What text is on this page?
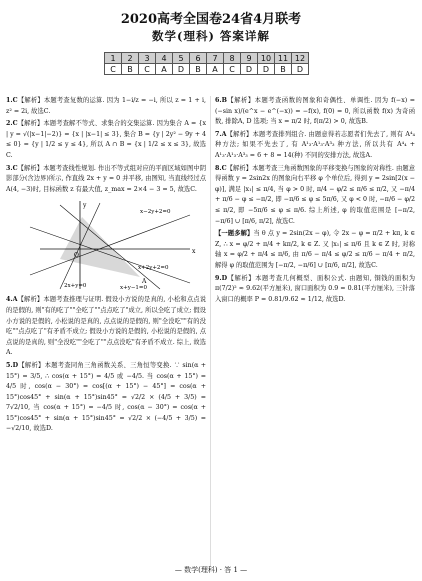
2020高考全国卷24省4月联考
数学(理科) 答案详解
1	2	3	4	5	6	7	8	9	10	11	12
C	B	C	A	D	B	A	C	D	D	B	D

1.C【解析】本题考查复数的运算. 因为 1−i/z = −i, 所以 z = 1 + i, z² = 2i, 故选C.

2.C【解析】本题考查解不等式、求集合的交集运算. 因为集合 A = {x | y = √(|x−1|−2)} = {x | |x−1| ≤ 3}, 集合 B = {y | 2y² − 9y + 4 ≤ 0} = {y | 1/2 ≤ y ≤ 4}, 所以 A ∩ B = {x | 1/2 ≤ x ≤ 3}, 故选C.

3.C【解析】本题考查线性规划. 作出不等式组对应的平面区域如图中阴影部分(含边界)所示, 作直线 2x + y = 0 并平移, 由图知, 当直线经过点 A(4, −3)时, 目标函数 z 有最大值, z_max = 2×4 − 3 = 5, 故选C.

y
x
O
A
x−2y+2=0
x+2y+2=0
2x+y=0	x+y−1=0

4.A【解析】本题考查推理与证明. 假设小方说的是真的, 小松和点点说的是假的, 则"有的吃了""全吃了""点点吃了"成立, 所以全吃了成立; 假设小方说的是假的, 小松说的是真的, 点点说的是假的, 则"全没吃""有的没吃""点点吃了"有矛盾不成立; 假设小方说的是假的, 小松说的是假的, 点点说的是真的, 则"全没吃""全吃了""点点没吃"有矛盾不成立. 综上, 故选A.

5.D【解析】本题考查同角三角函数关系、三角恒等变换. ∵ sin(α + 15°) = 3/5, ∴ cos(α + 15°) = 4/5 或 −4/5. 当 cos(α + 15°) = 4/5 时, cos(α − 30°) = cos[(α + 15°) − 45°] = cos(α + 15°)cos45° + sin(α + 15°)sin45° = √2/2 × (4/5 + 3/5) = 7√2/10, 当 cos(α + 15°) = −4/5 时, cos(α − 30°) = cos(α + 15°)cos45° + sin(α + 15°)sin45° = √2/2 × (−4/5 + 3/5) = −√2/10, 故选D.

6.B【解析】本题考查函数的图象和奇偶性、单调性. 因为 f(−x) = (−sin x)/(e^x − e^(−x)) = −f(x), f(0) = 0, 所以函数 f(x) 为奇函数, 排除A, D 选项; 当 x = π/2 时, f(π/2) > 0, 故选B.

7.A【解析】本题考查排列组合. 由题意得若志愿者们先去了, 则有 A⁴₄ 种方法; 如果不先去了, 有 A¹₃·A¹₃·A³₃ 种方法, 所以共有 A⁴₄ + A¹₃·A¹₃·A³₃ = 6 + 8 = 14(种) 不同的安排方法, 故选A.

8.C【解析】本题考查三角函数图象的平移变换与图象的对称性. 由题意得函数 y = 2sin2x 的图象向右平移 φ 个单位后, 得到 y = 2sin[2(x − φ)], 满足 |x₁| ≤ π/4, 当 φ > 0 时, π/4 − φ/2 ≤ π/6 ≤ π/2, 又 −π/4 + π/6 − φ ≤ −π/2, 即 −π/6 ≤ φ ≤ 5π/6, 又 φ < 0 时, −π/6 − φ/2 ≤ π/2, 即 −5π/6 ≤ φ ≤ π/6. 综上所述, φ 的取值范围是 [−π/2, −π/6] ∪ [π/6, π/2], 故选C.

【一题多解】当 θ 点 y = 2sin(2x − φ), 令 2x − φ = π/2 + kπ, k ∈ Z, ∴ x = φ/2 + π/4 + kπ/2, k ∈ Z. 又 |x₁| ≤ π/6 且 k ∈ Z 时, 对称轴 x = φ/2 + π/4 ≤ π/6, 由 π/6 − π/4 ≤ φ/2 ≤ π/6 − π/4 + π/2, 解得 φ 的取值范围为 [−π/2, −π/6] ∪ [π/6, π/2], 故选C.

9.D【解析】本题考查几何概型、面积公式. 由题知, 铜钱的面积为 π(7/2)² ≈ 9.62(平方厘米), 窗口面积为 0.9 = 0.81(平方厘米), 三针落入窗口的概率 P = 0.81/9.62 ≈ 1/12, 故选D.

— 数学(理科) · 答 1 —
